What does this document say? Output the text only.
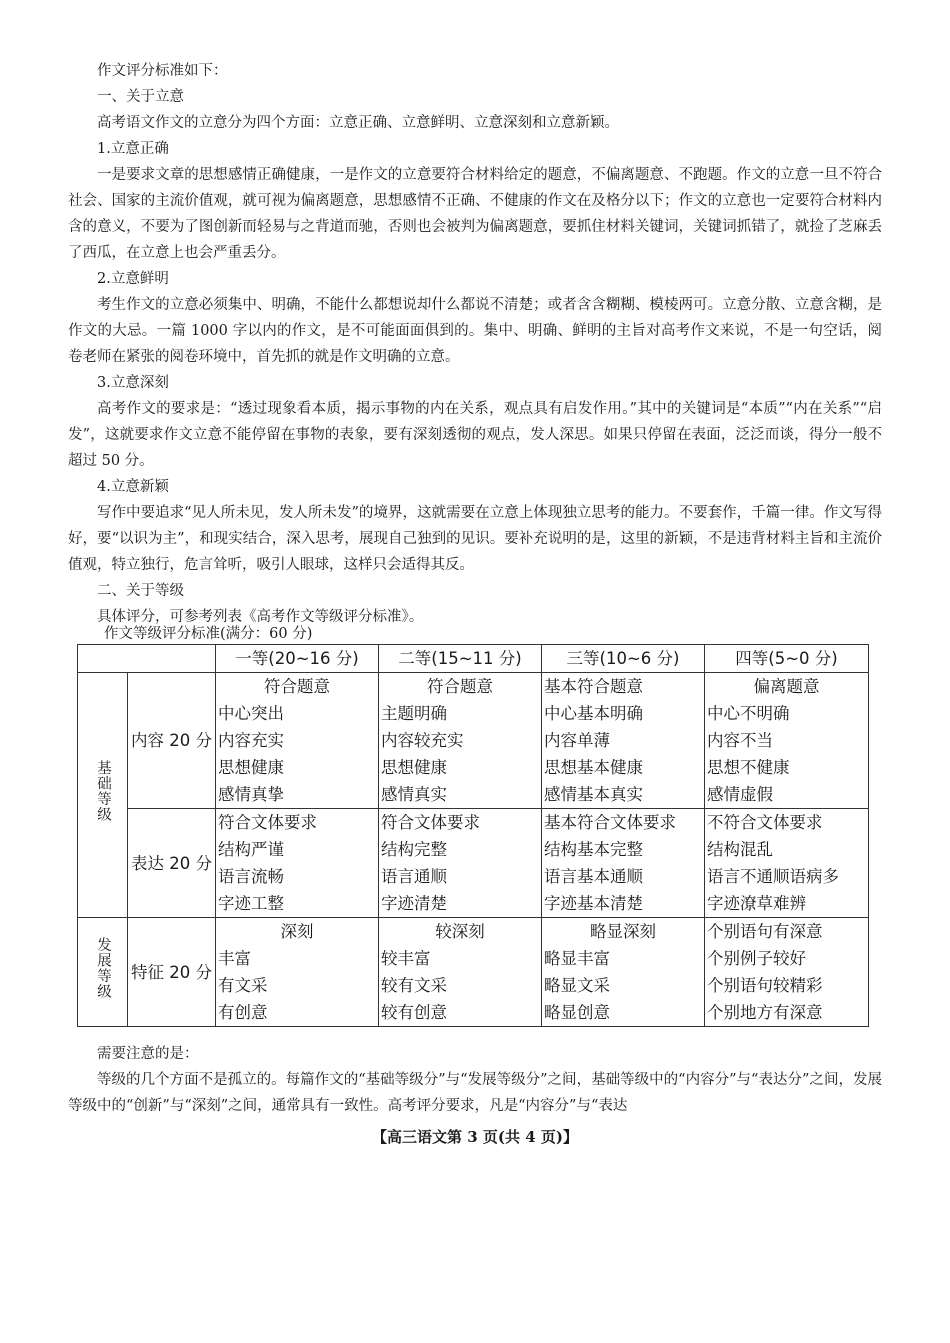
作文评分标准如下：

一、关于立意

高考语文作文的立意分为四个方面：立意正确、立意鲜明、立意深刻和立意新颖。

1.立意正确

一是要求文章的思想感情正确健康，一是作文的立意要符合材料给定的题意，不偏离题意、不跑题。作文的立意一旦不符合社会、国家的主流价值观，就可视为偏离题意，思想感情不正确、不健康的作文在及格分以下；作文的立意也一定要符合材料内含的意义，不要为了图创新而轻易与之背道而驰，否则也会被判为偏离题意，要抓住材料关键词，关键词抓错了，就捡了芝麻丢了西瓜，在立意上也会严重丢分。

2.立意鲜明

考生作文的立意必须集中、明确，不能什么都想说却什么都说不清楚；或者含含糊糊、模棱两可。立意分散、立意含糊，是作文的大忌。一篇 1000 字以内的作文，是不可能面面俱到的。集中、明确、鲜明的主旨对高考作文来说，不是一句空话，阅卷老师在紧张的阅卷环境中，首先抓的就是作文明确的立意。

3.立意深刻

高考作文的要求是：“透过现象看本质，揭示事物的内在关系，观点具有启发作用。”其中的关键词是“本质”“内在关系”“启发”，这就要求作文立意不能停留在事物的表象，要有深刻透彻的观点，发人深思。如果只停留在表面，泛泛而谈，得分一般不超过 50 分。

4.立意新颖

写作中要追求“见人所未见，发人所未发”的境界，这就需要在立意上体现独立思考的能力。不要套作，千篇一律。作文写得好，要“以识为主”，和现实结合，深入思考，展现自己独到的见识。要补充说明的是，这里的新颖，不是违背材料主旨和主流价值观，特立独行，危言耸听，吸引人眼球，这样只会适得其反。

二、关于等级

具体评分，可参考列表《高考作文等级评分标准》。

作文等级评分标准(满分：60 分)
		一等(20~16 分)	二等(15~11 分)	三等(10~6 分)	四等(5~0 分)
基础等级	内容 20 分	符合题意
中心突出
内容充实
思想健康
感情真挚	符合题意
主题明确
内容较充实
思想健康
感情真实	基本符合题意
中心基本明确
内容单薄
思想基本健康
感情基本真实	偏离题意
中心不明确
内容不当
思想不健康
感情虚假

	表达 20 分	符合文体要求
结构严谨
语言流畅
字迹工整	符合文体要求
结构完整
语言通顺
字迹清楚	基本符合文体要求
结构基本完整
语言基本通顺
字迹基本清楚	不符合文体要求
结构混乱
语言不通顺语病多
字迹潦草难辨

发展等级	特征 20 分	深刻
丰富
有文采
有创意	较深刻
较丰富
较有文采
较有创意	略显深刻
略显丰富
略显文采
略显创意	个别语句有深意
个别例子较好
个别语句较精彩
个别地方有深意

需要注意的是：

等级的几个方面不是孤立的。每篇作文的“基础等级分”与“发展等级分”之间，基础等级中的“内容分”与“表达分”之间，发展等级中的“创新”与“深刻”之间，通常具有一致性。高考评分要求，凡是“内容分”与“表达

【高三语文第 3 页(共 4 页)】
